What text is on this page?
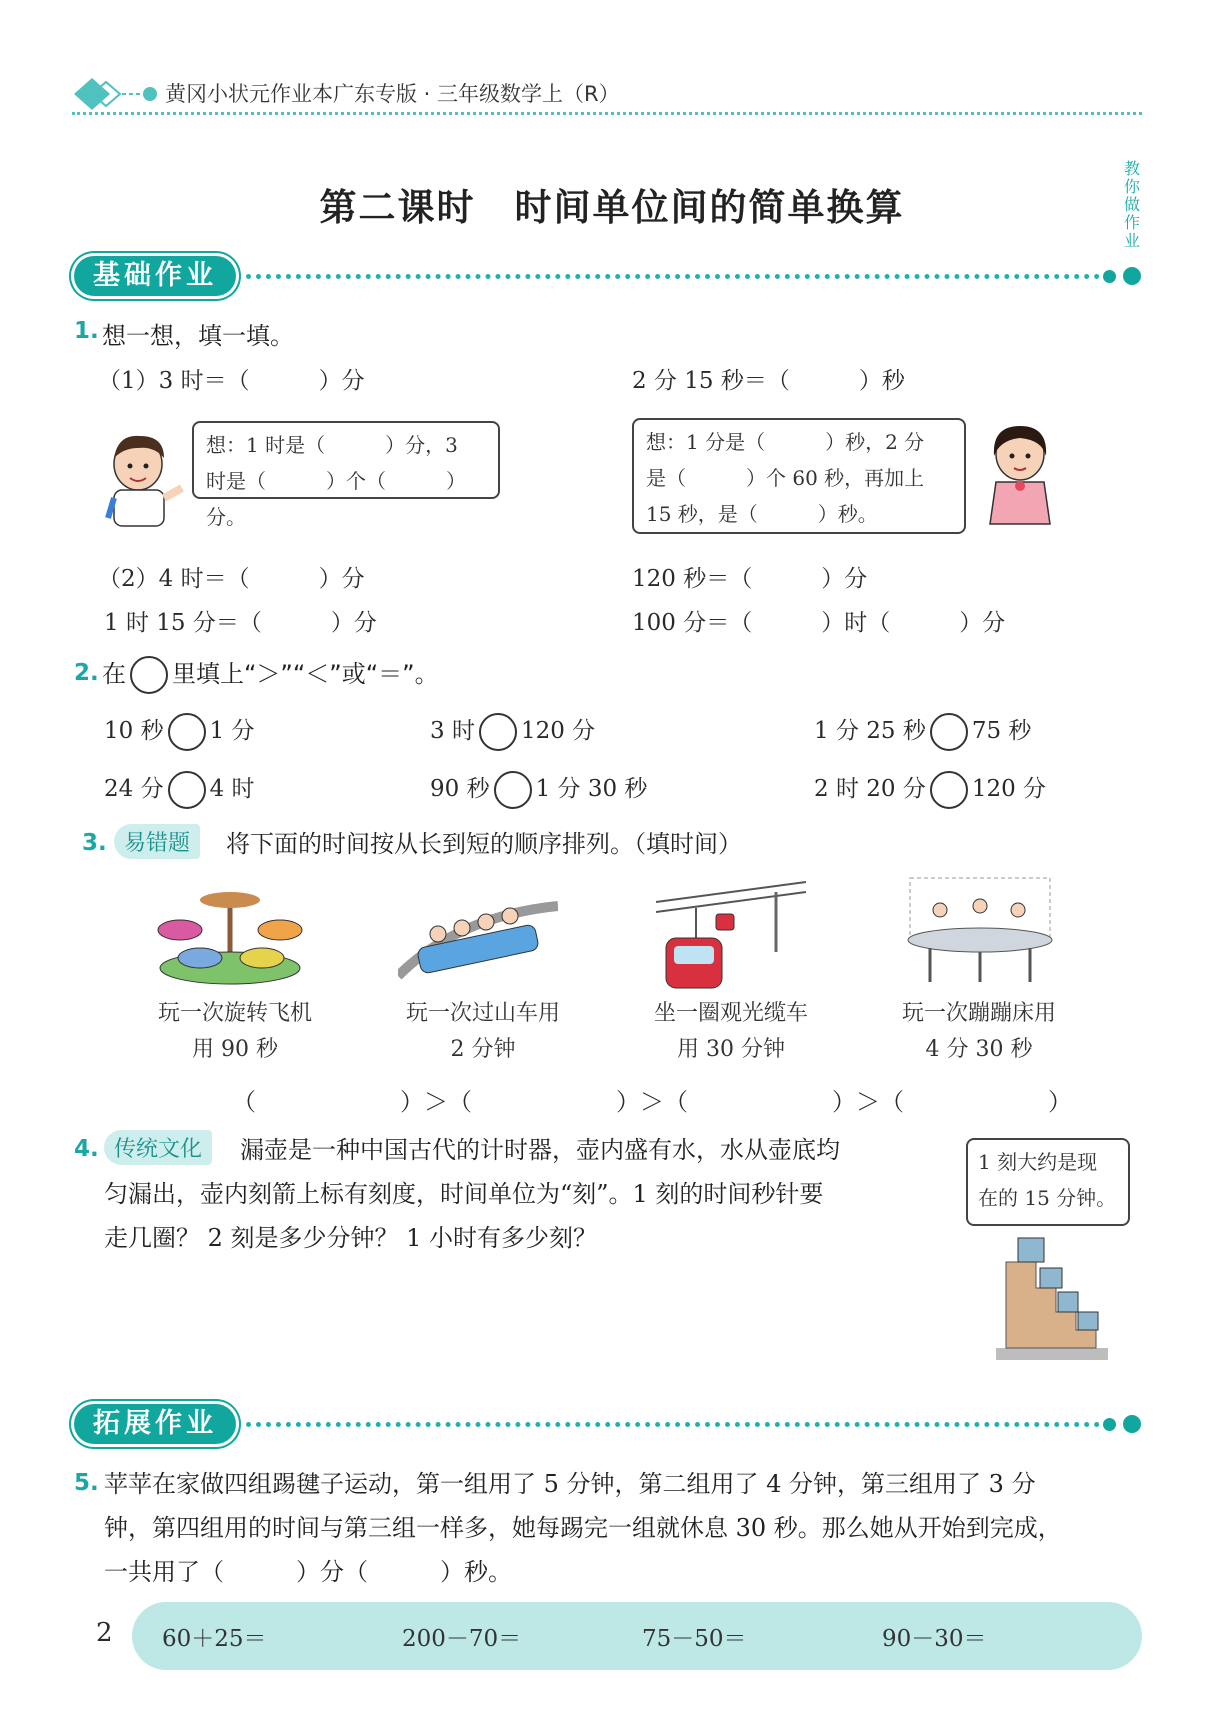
黄冈小状元作业本广东专版 · 三年级数学上（R）
第二课时　时间单位间的简单换算
教你做作业
基础作业
1. 想一想，填一填。
（1）3 时＝（　　　）分	2 分 15 秒＝（　　　）秒
想：1 时是（　　　）分，3
时是（　　　）个（　　　）分。
想：1 分是（　　　）秒，2 分
是（　　　）个 60 秒，再加上
15 秒，是（　　　）秒。
（2）4 时＝（　　　）分	120 秒＝（　　　）分
1 时 15 分＝（　　　）分	100 分＝（　　　）时（　　　）分
2. 在 里填上“＞”“＜”或“＝”。
10 秒 1 分	3 时 120 分	1 分 25 秒 75 秒
24 分 4 时	90 秒 1 分 30 秒	2 时 20 分 120 分
3. 易错题	将下面的时间按从长到短的顺序排列。（填时间）
玩一次旋转飞机
用 90 秒
玩一次过山车用
2 分钟
坐一圈观光缆车
用 30 分钟
玩一次蹦蹦床用
4 分 30 秒
（　　　　　　）＞（　　　　　　）＞（　　　　　　）＞（　　　　　　）
4. 传统文化	漏壶是一种中国古代的计时器，壶内盛有水，水从壶底均
匀漏出，壶内刻箭上标有刻度，时间单位为“刻”。1 刻的时间秒针要
走几圈？ 2 刻是多少分钟？ 1 小时有多少刻？
1 刻大约是现
在的 15 分钟。
拓展作业
5. 苹苹在家做四组踢毽子运动，第一组用了 5 分钟，第二组用了 4 分钟，第三组用了 3 分
钟，第四组用的时间与第三组一样多，她每踢完一组就休息 30 秒。那么她从开始到完成，
一共用了（　　　）分（　　　）秒。
2 60＋25＝	200－70＝	75－50＝	90－30＝
